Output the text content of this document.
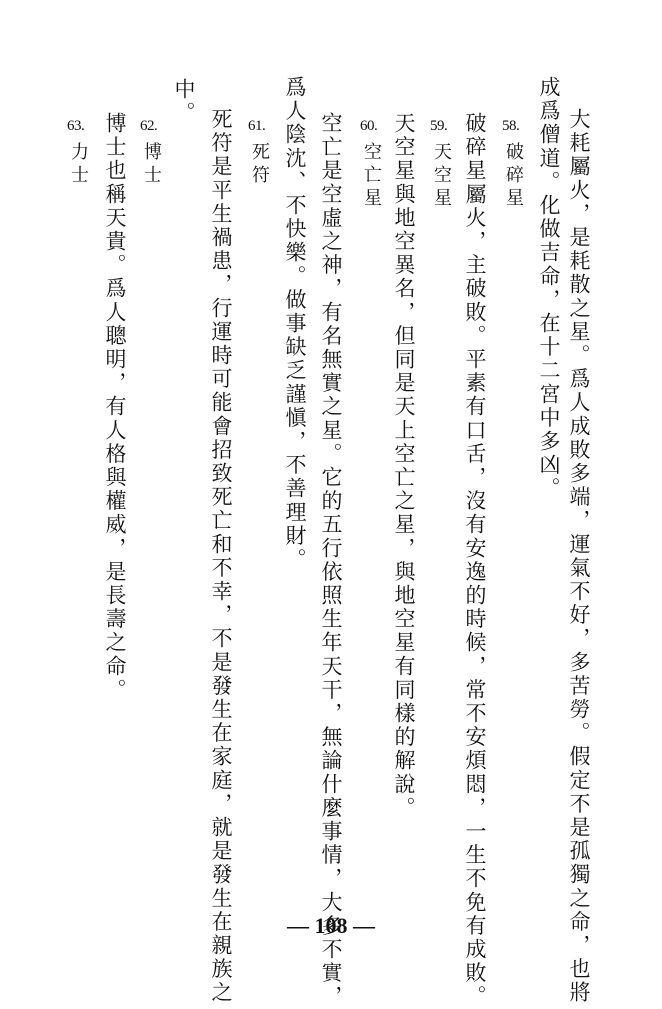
大耗屬火，是耗散之星。爲人成敗多端，運氣不好，多苦勞。假定不是孤獨之命，也將
成爲僧道。化做吉命，在十二宮中多凶。
58.
破碎星
破碎星屬火，主破敗。平素有口舌，沒有安逸的時候，常不安煩悶，一生不免有成敗。
59.
天空星
天空星與地空異名，但同是天上空亡之星，與地空星有同樣的解說。
60.
空亡星
空亡是空虛之神，有名無實之星。它的五行依照生年天干，無論什麼事情，大多不實，
爲人陰沈、不快樂。做事缺乏謹愼，不善理財。
61.
死符
死符是平生禍患，行運時可能會招致死亡和不幸，不是發生在家庭，就是發生在親族之
中。
62.
博士
博士也稱天貴。爲人聰明，有人格與權威，是長壽之命。
63.
力士
— 108 —
